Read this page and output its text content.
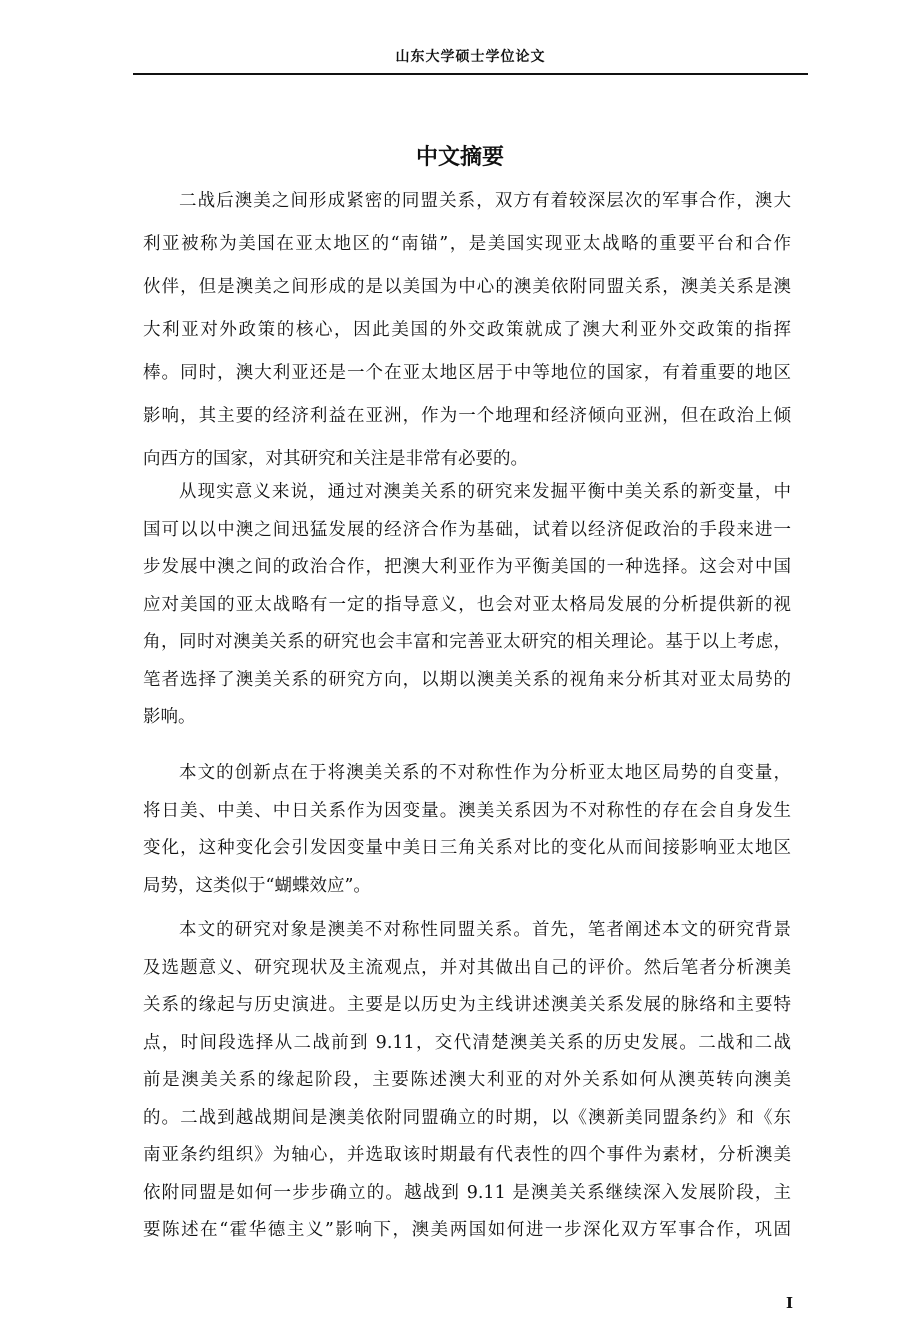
山东大学硕士学位论文
中文摘要
二战后澳美之间形成紧密的同盟关系，双方有着较深层次的军事合作，澳大
利亚被称为美国在亚太地区的“南锚”，是美国实现亚太战略的重要平台和合作
伙伴，但是澳美之间形成的是以美国为中心的澳美依附同盟关系，澳美关系是澳
大利亚对外政策的核心，因此美国的外交政策就成了澳大利亚外交政策的指挥
棒。同时，澳大利亚还是一个在亚太地区居于中等地位的国家，有着重要的地区
影响，其主要的经济利益在亚洲，作为一个地理和经济倾向亚洲，但在政治上倾
向西方的国家，对其研究和关注是非常有必要的。
从现实意义来说，通过对澳美关系的研究来发掘平衡中美关系的新变量，中
国可以以中澳之间迅猛发展的经济合作为基础，试着以经济促政治的手段来进一
步发展中澳之间的政治合作，把澳大利亚作为平衡美国的一种选择。这会对中国
应对美国的亚太战略有一定的指导意义，也会对亚太格局发展的分析提供新的视
角，同时对澳美关系的研究也会丰富和完善亚太研究的相关理论。基于以上考虑，
笔者选择了澳美关系的研究方向，以期以澳美关系的视角来分析其对亚太局势的
影响。
本文的创新点在于将澳美关系的不对称性作为分析亚太地区局势的自变量，
将日美、中美、中日关系作为因变量。澳美关系因为不对称性的存在会自身发生
变化，这种变化会引发因变量中美日三角关系对比的变化从而间接影响亚太地区
局势，这类似于“蝴蝶效应”。
本文的研究对象是澳美不对称性同盟关系。首先，笔者阐述本文的研究背景
及选题意义、研究现状及主流观点，并对其做出自己的评价。然后笔者分析澳美
关系的缘起与历史演进。主要是以历史为主线讲述澳美关系发展的脉络和主要特
点，时间段选择从二战前到 9.11，交代清楚澳美关系的历史发展。二战和二战
前是澳美关系的缘起阶段，主要陈述澳大利亚的对外关系如何从澳英转向澳美
的。二战到越战期间是澳美依附同盟确立的时期，以《澳新美同盟条约》和《东
南亚条约组织》为轴心，并选取该时期最有代表性的四个事件为素材，分析澳美
依附同盟是如何一步步确立的。越战到 9.11 是澳美关系继续深入发展阶段，主
要陈述在“霍华德主义”影响下，澳美两国如何进一步深化双方军事合作，巩固
I
